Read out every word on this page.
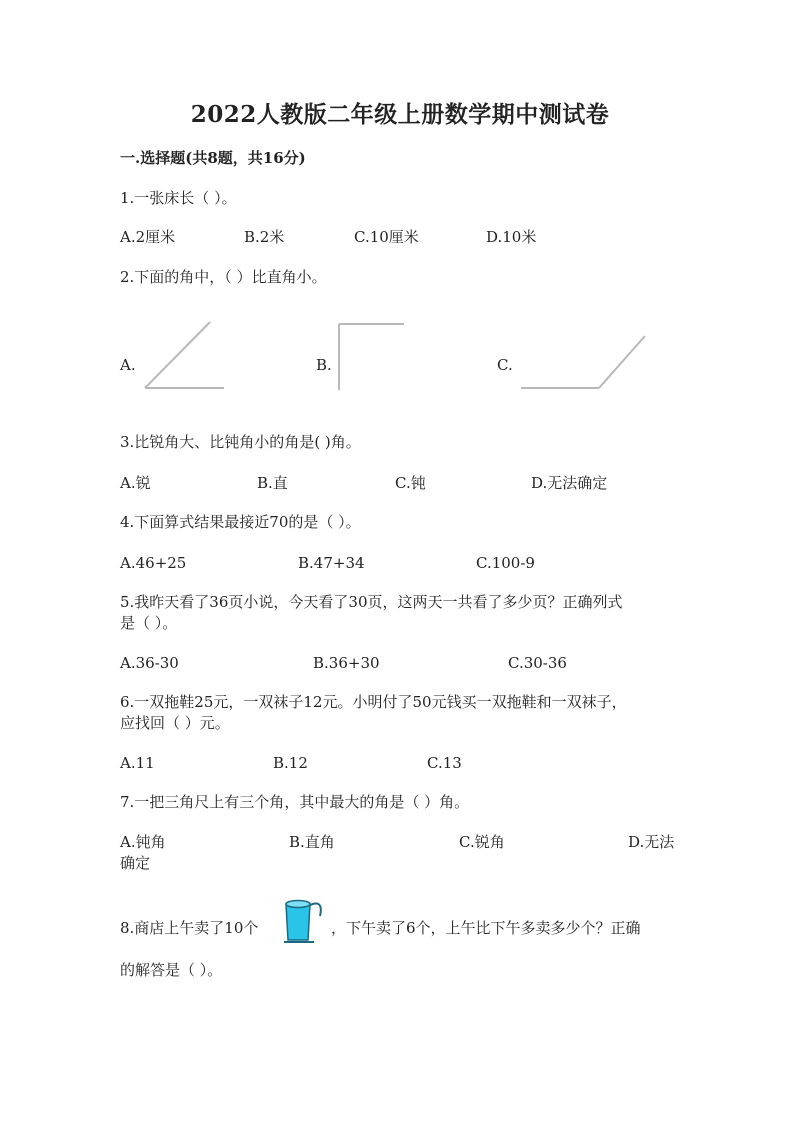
2022人教版二年级上册数学期中测试卷
一.选择题(共8题，共16分)
1.一张床长（ ）。
A.2厘米	B.2米	C.10厘米	D.10米
2.下面的角中，（ ）比直角小。
A.	B.	C.
3.比锐角大、比钝角小的角是( )角。
A.锐	B.直	C.钝	D.无法确定
4.下面算式结果最接近70的是（ ）。
A.46+25	B.47+34	C.100-9
5.我昨天看了36页小说，今天看了30页，这两天一共看了多少页？正确列式
是（ ）。
A.36-30	B.36+30	C.30-36
6.一双拖鞋25元，一双袜子12元。小明付了50元钱买一双拖鞋和一双袜子，
应找回（ ）元。
A.11	B.12	C.13
7.一把三角尺上有三个角，其中最大的角是（ ）角。
A.钝角	B.直角	C.锐角	D.无法
确定
8.商店上午卖了10个	，下午卖了6个，上午比下午多卖多少个？正确
的解答是（ ）。
